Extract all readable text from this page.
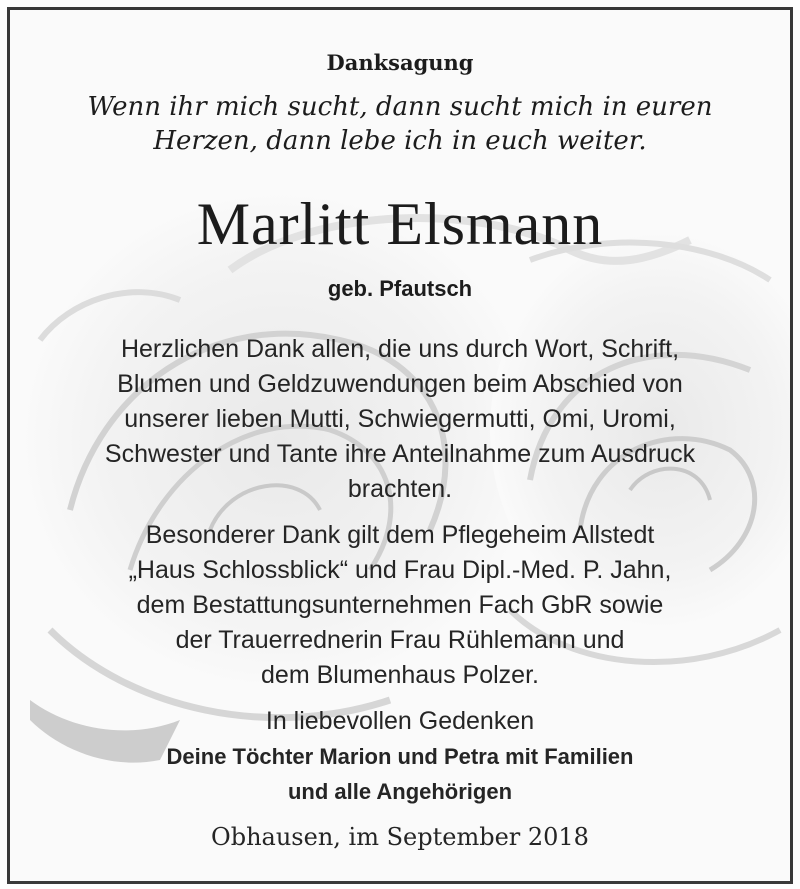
Danksagung
Wenn ihr mich sucht, dann sucht mich in euren
Herzen, dann lebe ich in euch weiter.
Marlitt Elsmann
geb. Pfautsch
Herzlichen Dank allen, die uns durch Wort, Schrift,
Blumen und Geldzuwendungen beim Abschied von
unserer lieben Mutti, Schwiegermutti, Omi, Uromi,
Schwester und Tante ihre Anteilnahme zum Ausdruck
brachten.
Besonderer Dank gilt dem Pflegeheim Allstedt
„Haus Schlossblick“ und Frau Dipl.-Med. P. Jahn,
dem Bestattungsunternehmen Fach GbR sowie
der Trauerrednerin Frau Rühlemann und
dem Blumenhaus Polzer.
In liebevollen Gedenken
Deine Töchter Marion und Petra mit Familien
und alle Angehörigen
Obhausen, im September 2018
